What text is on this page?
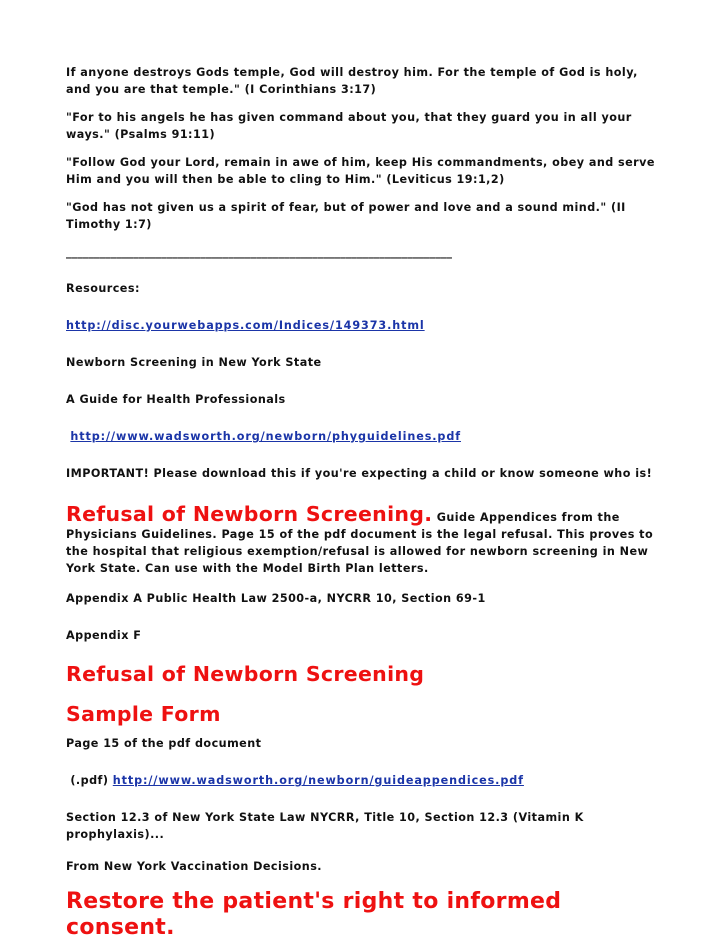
If anyone destroys Gods temple, God will destroy him. For the temple of God is holy, and you are that temple." (I Corinthians 3:17)

"For to his angels he has given command about you, that they guard you in all your ways." (Psalms 91:11)

"Follow God your Lord, remain in awe of him, keep His commandments, obey and serve Him and you will then be able to cling to Him." (Leviticus 19:1,2)

"God has not given us a spirit of fear, but of power and love and a sound mind." (II Timothy 1:7)

_____________________________________________________________________

Resources:

http://disc.yourwebapps.com/Indices/149373.html

Newborn Screening in New York State

A Guide for Health Professionals

http://www.wadsworth.org/newborn/phyguidelines.pdf

IMPORTANT! Please download this if you're expecting a child or know someone who is!

Refusal of Newborn Screening. Guide Appendices from the Physicians Guidelines. Page 15 of the pdf document is the legal refusal. This proves to the hospital that religious exemption/refusal is allowed for newborn screening in New York State. Can use with the Model Birth Plan letters.

Appendix A Public Health Law 2500-a, NYCRR 10, Section 69-1

Appendix F

Refusal of Newborn Screening

Sample Form

Page 15 of the pdf document

(.pdf) http://www.wadsworth.org/newborn/guideappendices.pdf

Section 12.3 of New York State Law NYCRR, Title 10, Section 12.3 (Vitamin K prophylaxis)...

From New York Vaccination Decisions.

Restore the patient's right to informed consent.
